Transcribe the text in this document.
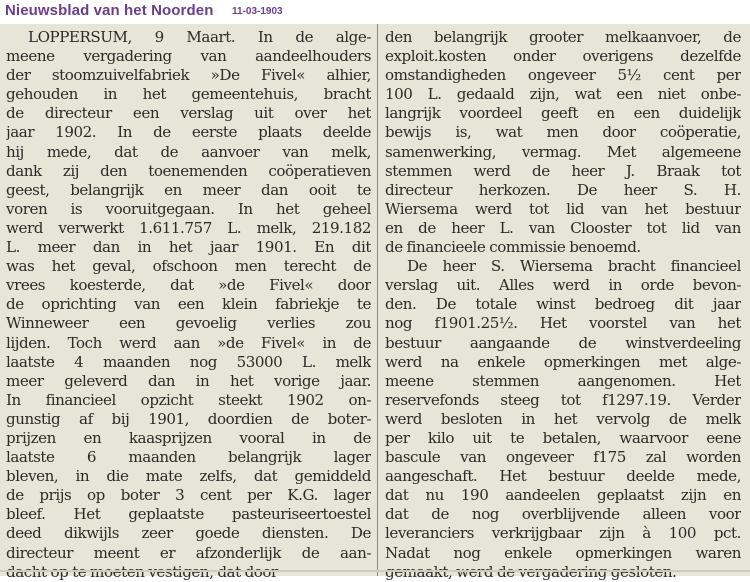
Nieuwsblad van het Noorden 11-03-1903
LOPPERSUM, 9 Maart. In de alge-
meene vergadering van aandeelhouders
der stoomzuivelfabriek »De Fivel« alhier,
gehouden in het gemeentehuis, bracht
de directeur een verslag uit over het
jaar 1902. In de eerste plaats deelde
hij mede, dat de aanvoer van melk,
dank zij den toenemenden coöperatieven
geest, belangrijk en meer dan ooit te
voren is vooruitgegaan. In het geheel
werd verwerkt 1.611.757 L. melk, 219.182
L. meer dan in het jaar 1901. En dit
was het geval, ofschoon men terecht de
vrees koesterde, dat »de Fivel« door
de oprichting van een klein fabriekje te
Winneweer een gevoelig verlies zou
lijden. Toch werd aan »de Fivel« in de
laatste 4 maanden nog 53000 L. melk
meer geleverd dan in het vorige jaar.
In financieel opzicht steekt 1902 on-
gunstig af bij 1901, doordien de boter-
prijzen en kaasprijzen vooral in de
laatste 6 maanden belangrijk lager
bleven, in die mate zelfs, dat gemiddeld
de prijs op boter 3 cent per K.G. lager
bleef. Het geplaatste pasteuriseertoestel
deed dikwijls zeer goede diensten. De
directeur meent er afzonderlijk de aan-
den belangrijk grooter melkaanvoer, de
exploit.kosten onder overigens dezelfde
omstandigheden ongeveer 5½ cent per
100 L. gedaald zijn, wat een niet onbe-
langrijk voordeel geeft en een duidelijk
bewijs is, wat men door coöperatie,
samenwerking, vermag. Met algemeene
stemmen werd de heer J. Braak tot
directeur herkozen. De heer S. H.
Wiersema werd tot lid van het bestuur
en de heer L. van Clooster tot lid van
de financieele commissie benoemd.
De heer S. Wiersema bracht financieel
verslag uit. Alles werd in orde bevon-
den. De totale winst bedroeg dit jaar
nog f1901.25½. Het voorstel van het
bestuur aangaande de winstverdeeling
werd na enkele opmerkingen met alge-
meene stemmen aangenomen. Het
reservefonds steeg tot f1297.19. Verder
werd besloten in het vervolg de melk
per kilo uit te betalen, waarvoor eene
bascule van ongeveer f175 zal worden
aangeschaft. Het bestuur deelde mede,
dat nu 190 aandeelen geplaatst zijn en
dat de nog overblijvende alleen voor
leveranciers verkrijgbaar zijn à 100 pct.
Nadat nog enkele opmerkingen waren
